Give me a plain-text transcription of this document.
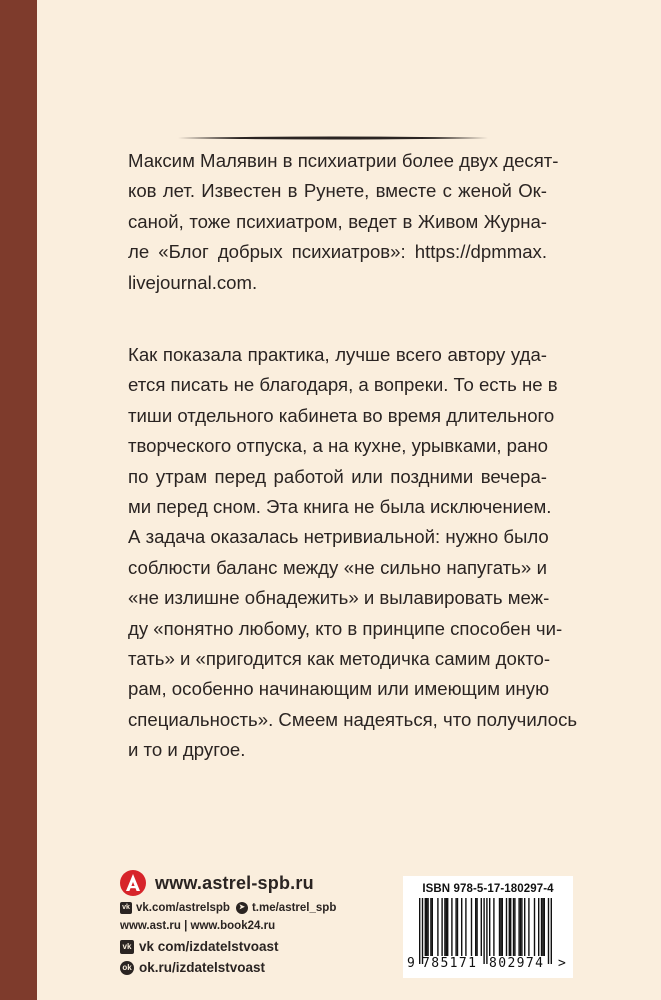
Максим Малявин в психиатрии более двух десят-
ков лет. Известен в Рунете, вместе с женой Ок-
саной, тоже психиатром, ведет в Живом Журна-
ле «Блог добрых психиатров»: https://dpmmax.
livejournal.com.
Как показала практика, лучше всего автору уда-
ется писать не благодаря, а вопреки. То есть не в
тиши отдельного кабинета во время длительного
творческого отпуска, а на кухне, урывками, рано
по утрам перед работой или поздними вечера-
ми перед сном. Эта книга не была исключением.
А задача оказалась нетривиальной: нужно было
соблюсти баланс между «не сильно напугать» и
«не излишне обнадежить» и вылавировать меж-
ду «понятно любому, кто в принципе способен чи-
тать» и «пригодится как методичка самим докто-
рам, особенно начинающим или имеющим иную
специальность». Смеем надеяться, что получилось
и то и другое.
www.astrel-spb.ru
vk vk.com/astrelspb	➤ t.me/astrel_spb
www.ast.ru | www.book24.ru
vk vk com/izdatelstvoast
ok ok.ru/izdatelstvoast
ISBN 978-5-17-180297-4
9 785171 802974 >
